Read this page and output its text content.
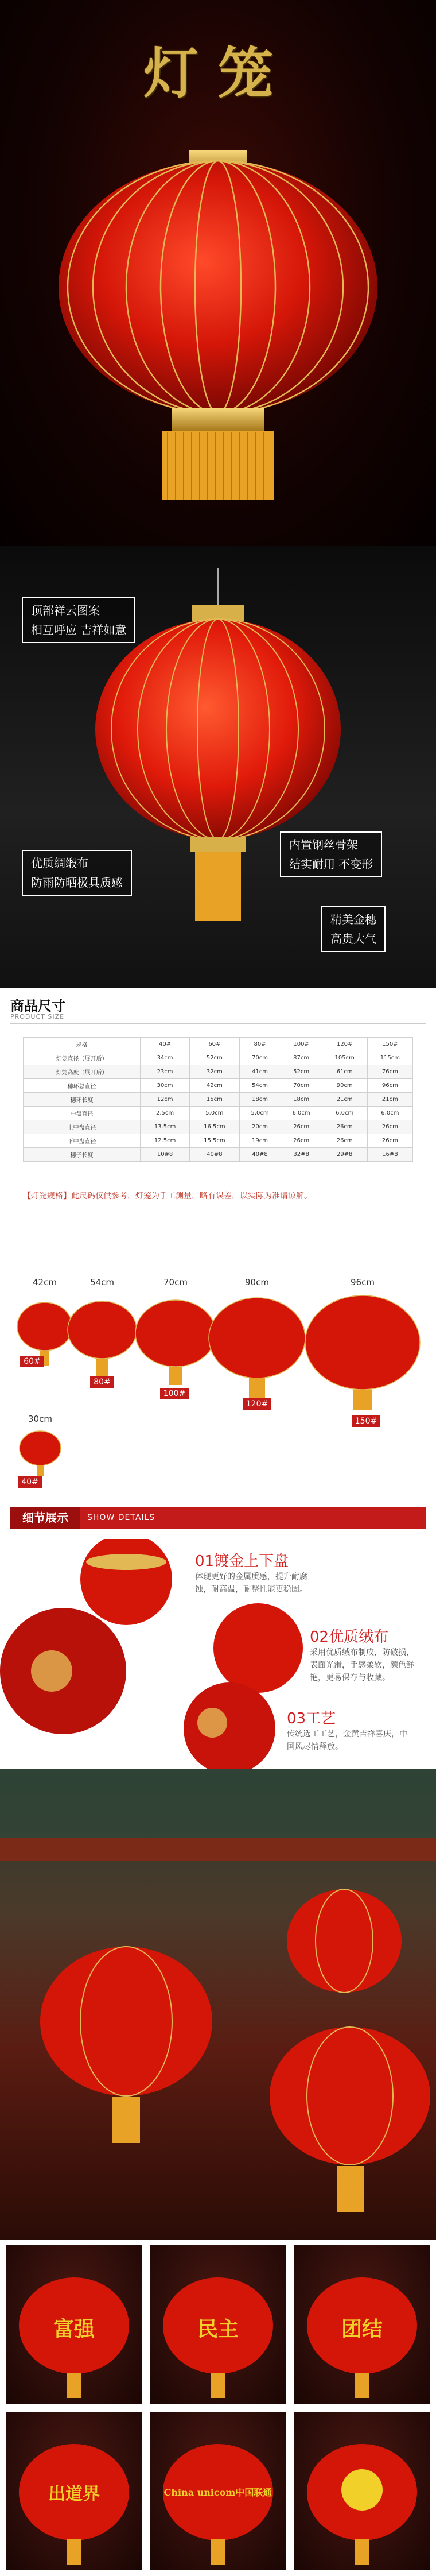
灯笼
顶部祥云图案
相互呼应 吉祥如意
优质绸缎布
防雨防晒极具质感
内置钢丝骨架
结实耐用 不变形
精美金穗
高贵大气
商品尺寸
PRODUCT SIZE
规格	40#	60#	80#	100#	120#	150#
灯笼直径（展开后）	34cm	52cm	70cm	87cm	105cm	115cm
灯笼高度（展开后）	23cm	32cm	41cm	52cm	61cm	76cm
穗环总直径	30cm	42cm	54cm	70cm	90cm	96cm
穗环长度	12cm	15cm	18cm	18cm	21cm	21cm
中盘直径	2.5cm	5.0cm	5.0cm	6.0cm	6.0cm	6.0cm
上中盘直径	13.5cm	16.5cm	20cm	26cm	26cm	26cm
下中盘直径	12.5cm	15.5cm	19cm	26cm	26cm	26cm
穗子长度	10#8	40#8	40#8	32#8	29#8	16#8
【灯笼规格】此尺码仅供参考，灯笼为手工测量，略有误差，以实际为准请谅解。
42cm	54cm	70cm	90cm	96cm
60#
80#
100#
120#
30cm
40#
150#
细节展示	SHOW DETAILS
01镀金上下盘
体现更好的金属质感，提升耐腐蚀，耐高温，耐整性能更稳固。
02优质绒布
采用优质绒布制成，防破损，表面光滑，手感柔软，颜色鲜艳，更易保存与收藏。
03工艺
传统选工工艺，金黄吉祥喜庆，中国风尽情释放。
富强	民主	团结
出道界	China unicom中国联通
